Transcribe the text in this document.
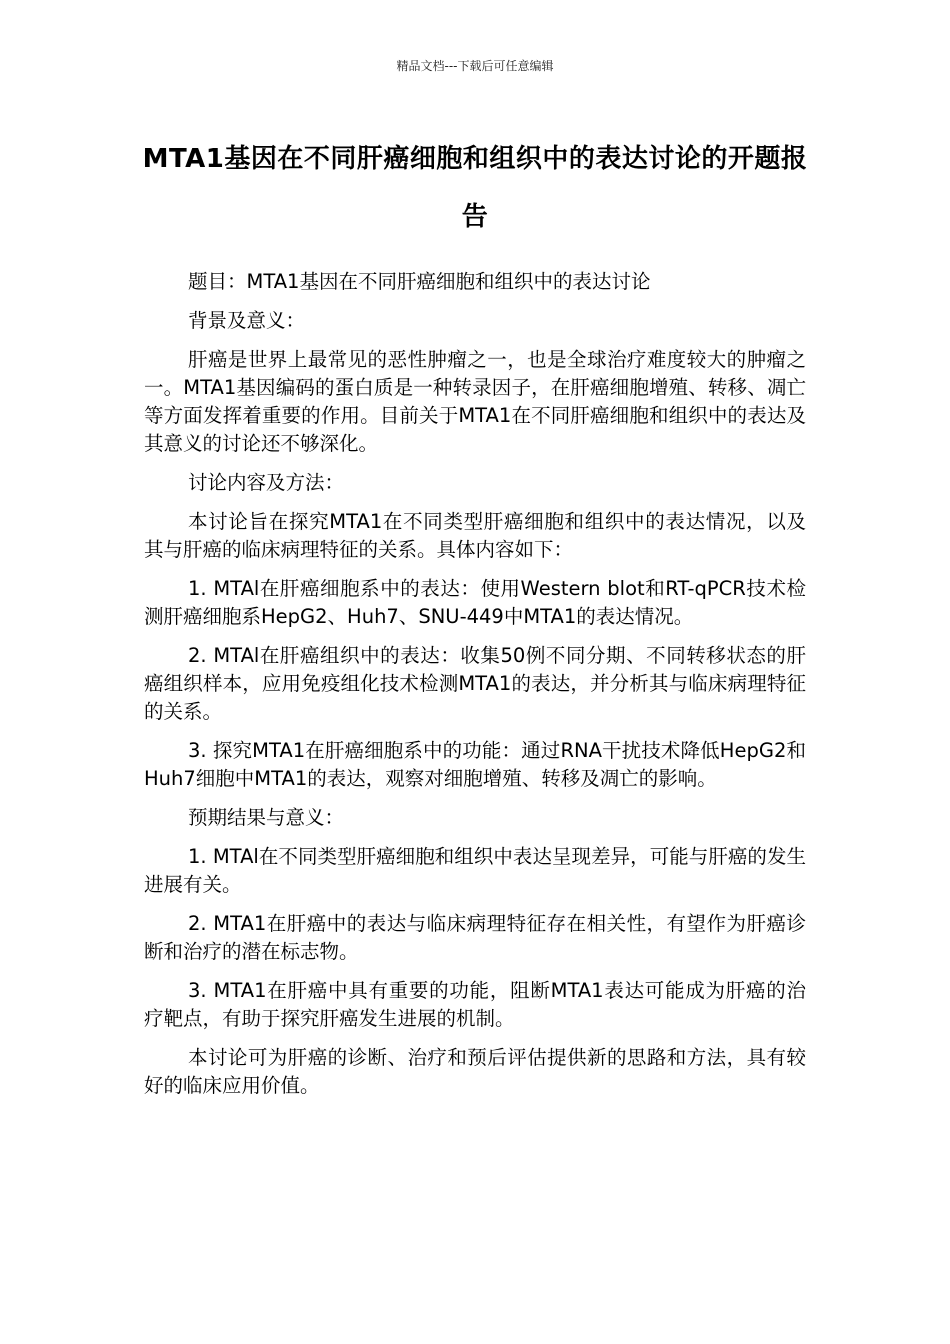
精品文档---下载后可任意编辑
MTA1基因在不同肝癌细胞和组织中的表达讨论的开题报告

题目：MTA1基因在不同肝癌细胞和组织中的表达讨论

背景及意义：

肝癌是世界上最常见的恶性肿瘤之一，也是全球治疗难度较大的肿瘤之一。MTA1基因编码的蛋白质是一种转录因子，在肝癌细胞增殖、转移、凋亡等方面发挥着重要的作用。目前关于MTA1在不同肝癌细胞和组织中的表达及其意义的讨论还不够深化。

讨论内容及方法：

本讨论旨在探究MTA1在不同类型肝癌细胞和组织中的表达情况，以及其与肝癌的临床病理特征的关系。具体内容如下：

1. MTAl在肝癌细胞系中的表达：使用Western blot和RT-qPCR技术检测肝癌细胞系HepG2、Huh7、SNU-449中MTA1的表达情况。

2. MTAl在肝癌组织中的表达：收集50例不同分期、不同转移状态的肝癌组织样本，应用免疫组化技术检测MTA1的表达，并分析其与临床病理特征的关系。

3. 探究MTA1在肝癌细胞系中的功能：通过RNA干扰技术降低HepG2和Huh7细胞中MTA1的表达，观察对细胞增殖、转移及凋亡的影响。

预期结果与意义：

1. MTAl在不同类型肝癌细胞和组织中表达呈现差异，可能与肝癌的发生进展有关。

2. MTA1在肝癌中的表达与临床病理特征存在相关性，有望作为肝癌诊断和治疗的潜在标志物。

3. MTA1在肝癌中具有重要的功能，阻断MTA1表达可能成为肝癌的治疗靶点，有助于探究肝癌发生进展的机制。

本讨论可为肝癌的诊断、治疗和预后评估提供新的思路和方法，具有较好的临床应用价值。
